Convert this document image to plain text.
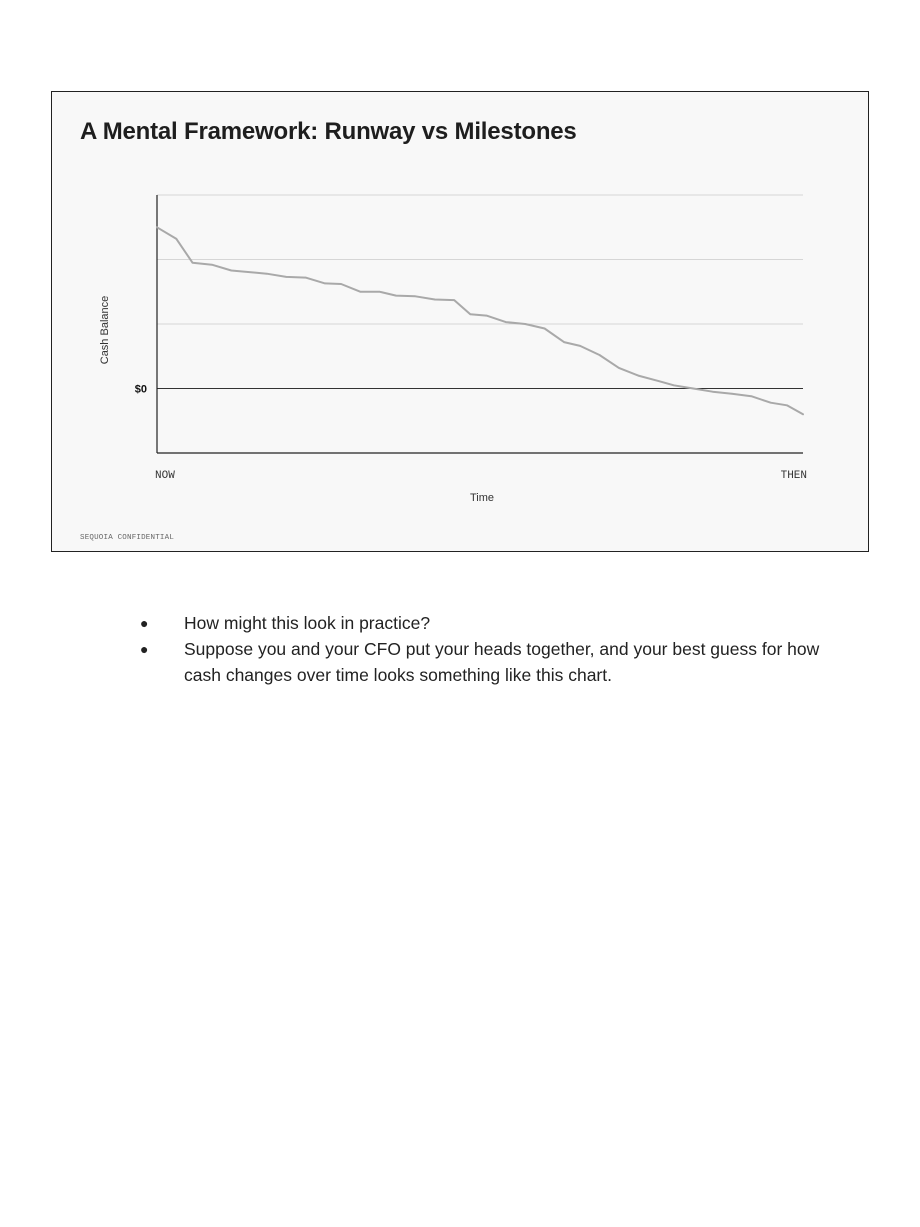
A Mental Framework: Runway vs Milestones
$0
NOW	THEN
Time
Cash Balance
SEQUOIA CONFIDENTIAL
● How might this look in practice?
● Suppose you and your CFO put your heads together, and your best guess for how cash changes over time looks something like this chart.
